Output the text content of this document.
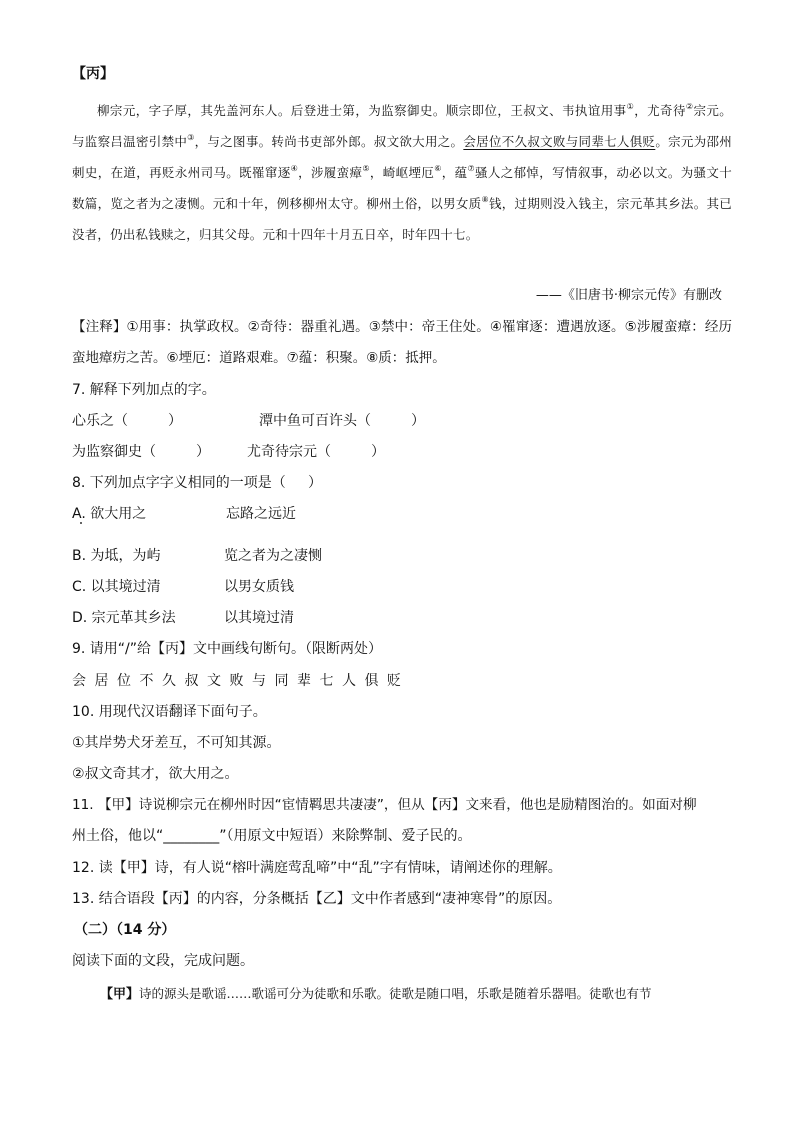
【丙】

柳宗元，字子厚，其先盖河东人。后登进士第，为监察御史。顺宗即位，王叔文、韦执谊用事①，尤奇待②宗元。与监察吕温密引禁中③，与之图事。转尚书吏部外郎。叔文欲大用之。会居位不久叔文败与同辈七人俱贬。宗元为邵州刺史，在道，再贬永州司马。既罹窜逐④，涉履蛮瘴⑤，崎岖堙厄⑥，蕴⑦骚人之郁悼，写情叙事，动必以文。为骚文十数篇，览之者为之凄恻。元和十年，例移柳州太守。柳州土俗，以男女质⑧钱，过期则没入钱主，宗元革其乡法。其已没者，仍出私钱赎之，归其父母。元和十四年十月五日卒，时年四十七。

——《旧唐书·柳宗元传》有删改
【注释】①用事：执掌政权。②奇待：器重礼遇。③禁中：帝王住处。④罹窜逐：遭遇放逐。⑤涉履蛮瘴：经历蛮地瘴疠之苦。⑥堙厄：道路艰难。⑦蕴：积聚。⑧质：抵押。
7. 解释下列加点的字。
心乐之（         ）	潭中鱼可百许头（         ）
为监察御史（         ）	尤奇待宗元（         ）
8. 下列加点字字义相同的一项是（     ）
A. 欲大用之	忘路之远近
B. 为坻，为屿	览之者为之凄恻
C. 以其境过清	以男女质钱
D. 宗元革其乡法	以其境过清
9. 请用“/”给【丙】文中画线句断句。（限断两处）
会居位不久叔文败与同辈七人俱贬
10. 用现代汉语翻译下面句子。
①其岸势犬牙差互，不可知其源。
②叔文奇其才，欲大用之。
11. 【甲】诗说柳宗元在柳州时因“宦情羁思共凄凄”，但从【丙】文来看，他也是励精图治的。如面对柳
州土俗，他以“________”（用原文中短语）来除弊制、爱子民的。
12. 读【甲】诗，有人说“榕叶满庭莺乱啼”中“乱”字有情味，请阐述你的理解。
13. 结合语段【丙】的内容，分条概括【乙】文中作者感到“凄神寒骨”的原因。
（二）（14 分）
阅读下面的文段，完成问题。
【甲】诗的源头是歌谣……歌谣可分为徒歌和乐歌。徒歌是随口唱，乐歌是随着乐器唱。徒歌也有节
